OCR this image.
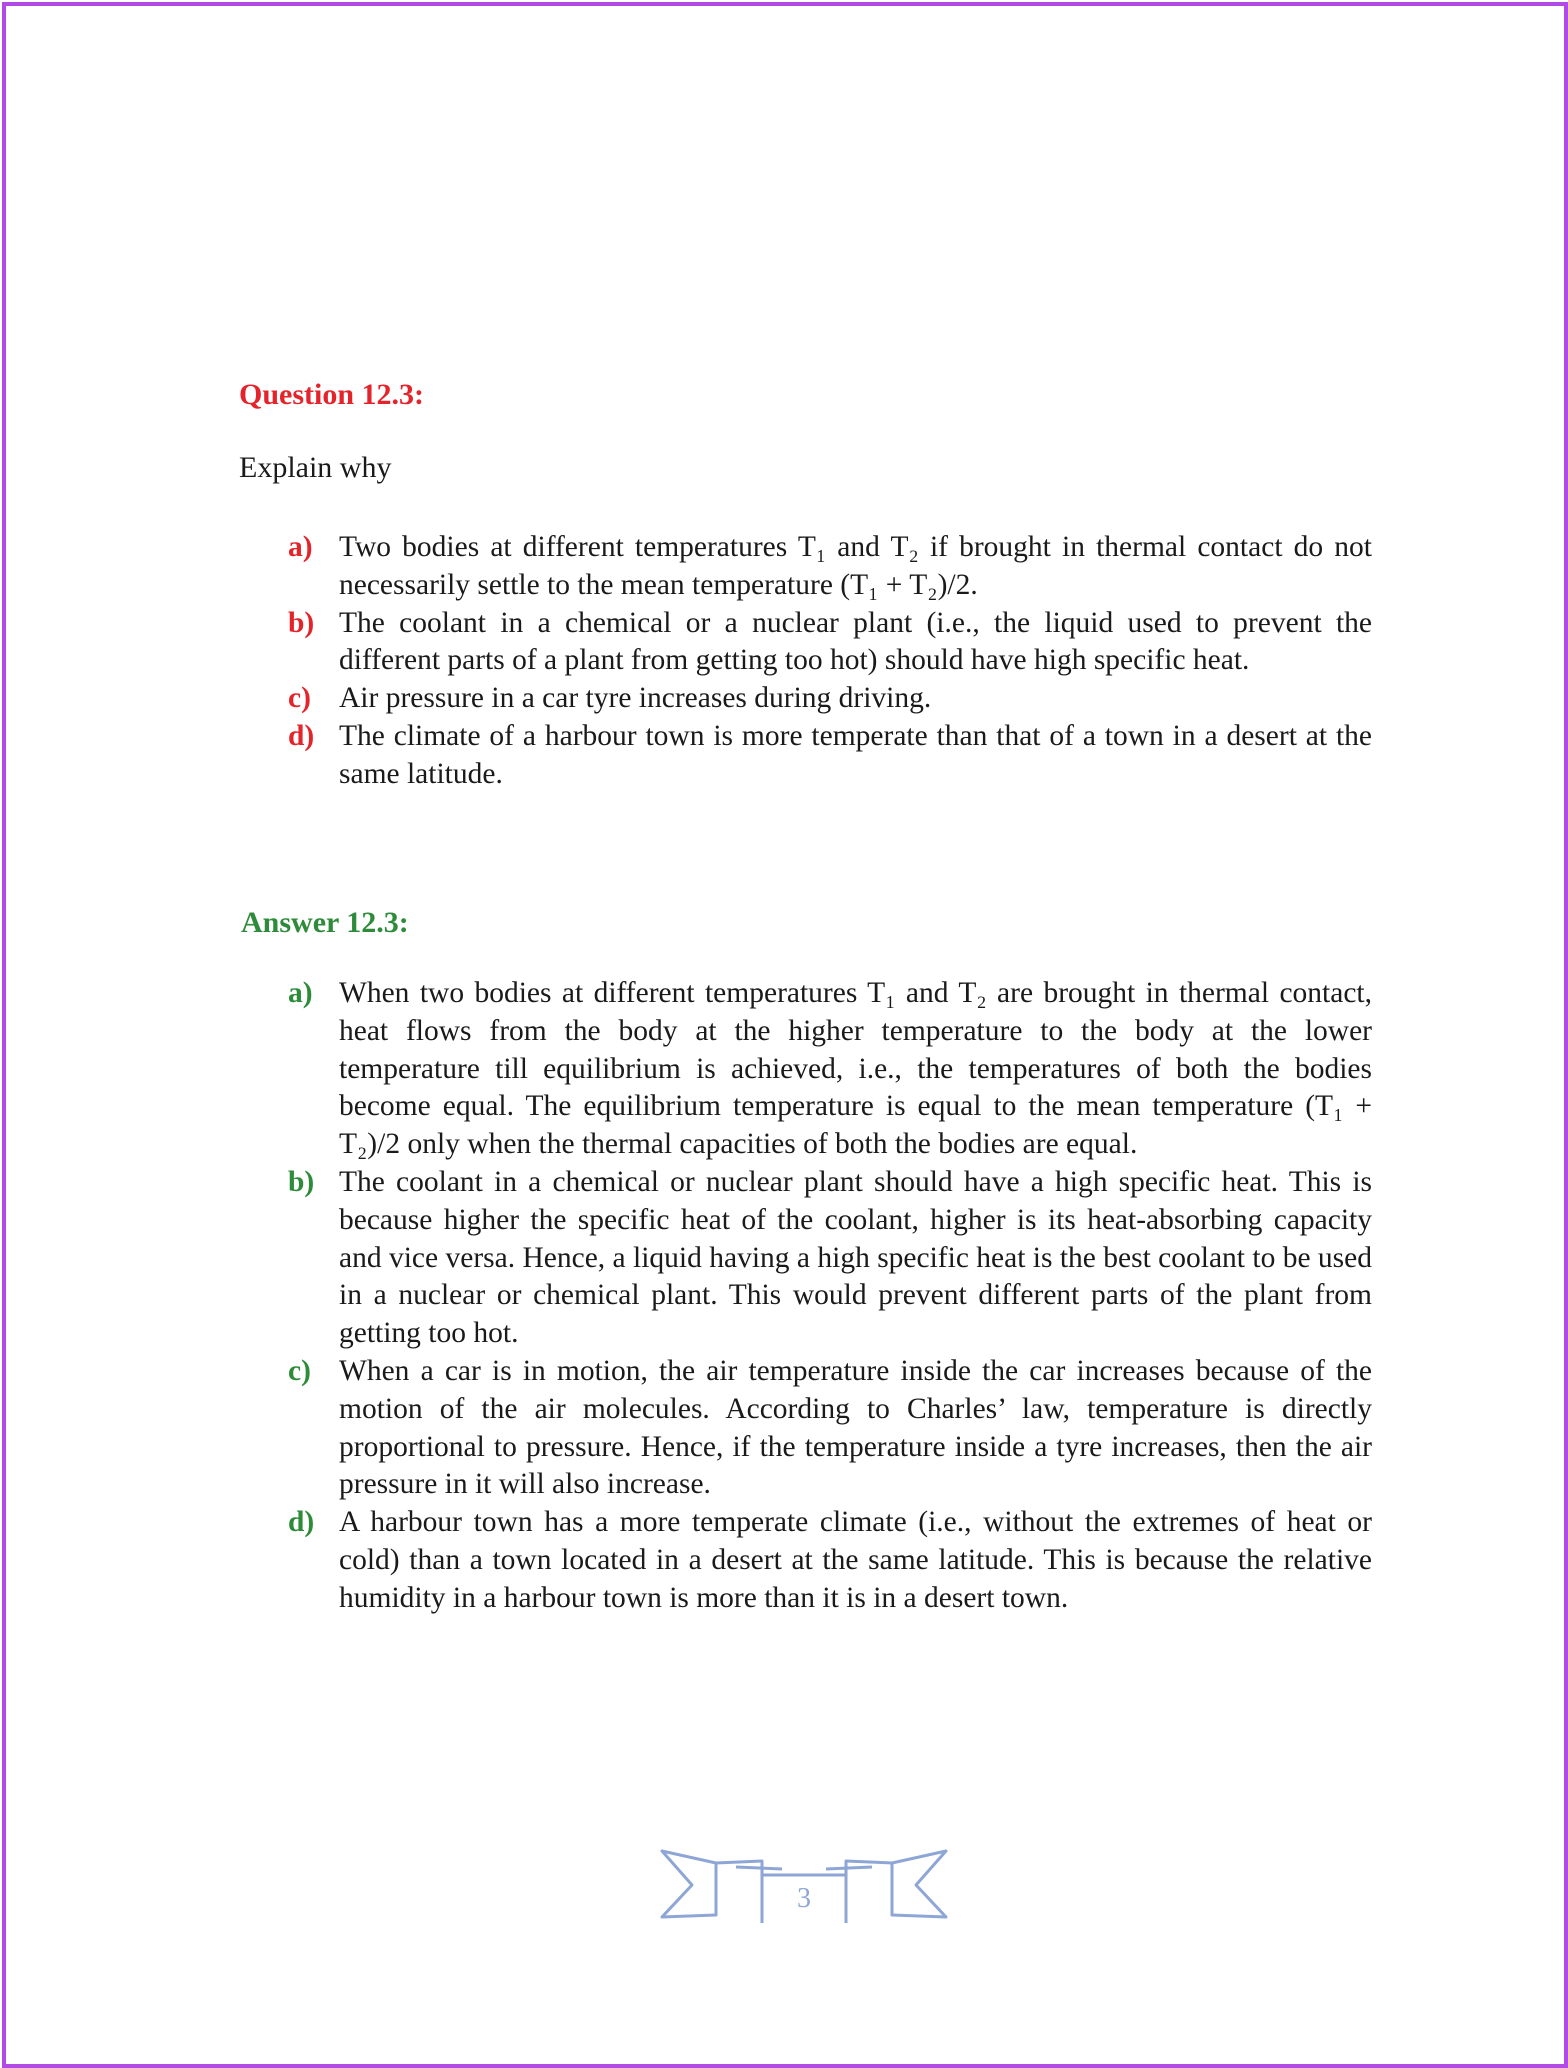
Question 12.3:
Explain why
a) Two bodies at different temperatures T₁ and T₂ if brought in thermal contact do not necessarily settle to the mean temperature (T₁ + T₂)/2.
b) The coolant in a chemical or a nuclear plant (i.e., the liquid used to prevent the different parts of a plant from getting too hot) should have high specific heat.
c) Air pressure in a car tyre increases during driving.
d) The climate of a harbour town is more temperate than that of a town in a desert at the same latitude.
Answer 12.3:
a) When two bodies at different temperatures T₁ and T₂ are brought in thermal contact, heat flows from the body at the higher temperature to the body at the lower temperature till equilibrium is achieved, i.e., the temperatures of both the bodies become equal. The equilibrium temperature is equal to the mean temperature (T₁ + T₂)/2 only when the thermal capacities of both the bodies are equal.
b) The coolant in a chemical or nuclear plant should have a high specific heat. This is because higher the specific heat of the coolant, higher is its heat-absorbing capacity and vice versa. Hence, a liquid having a high specific heat is the best coolant to be used in a nuclear or chemical plant. This would prevent different parts of the plant from getting too hot.
c) When a car is in motion, the air temperature inside the car increases because of the motion of the air molecules. According to Charles’ law, temperature is directly proportional to pressure. Hence, if the temperature inside a tyre increases, then the air pressure in it will also increase.
d) A harbour town has a more temperate climate (i.e., without the extremes of heat or cold) than a town located in a desert at the same latitude. This is because the relative humidity in a harbour town is more than it is in a desert town.
3
